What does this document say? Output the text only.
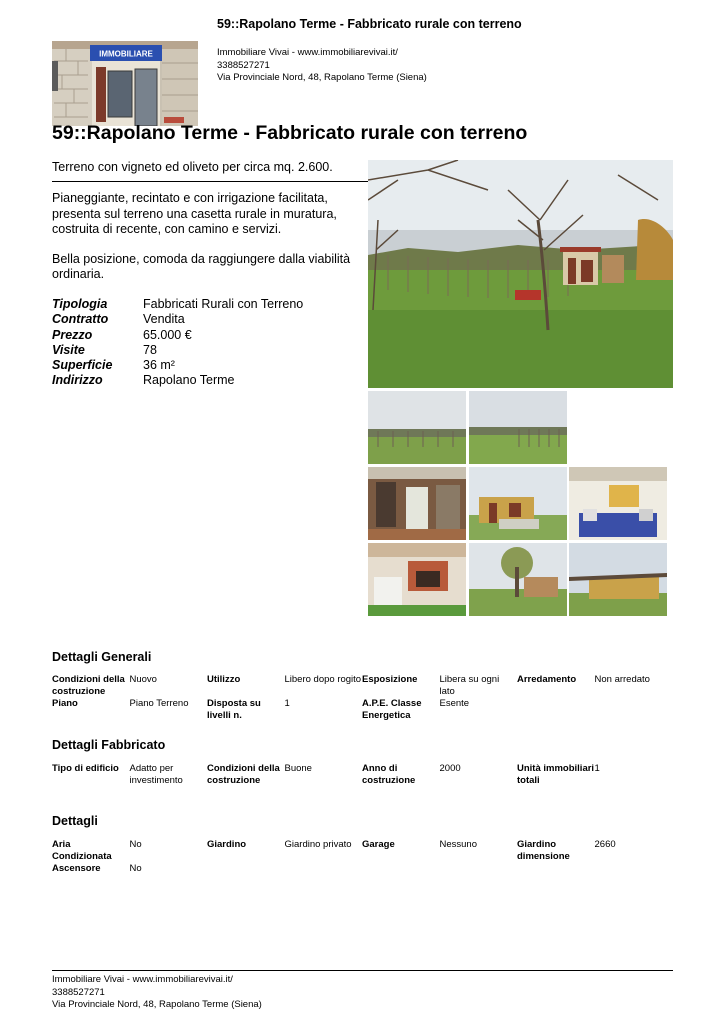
59::Rapolano Terme - Fabbricato rurale con terreno
IMMOBILIARE	Immobiliare Vivai - www.immobiliarevivai.it/
3388527271
Via Provinciale Nord, 48, Rapolano Terme (Siena)
59::Rapolano Terme - Fabbricato rurale con terreno
Terreno con vigneto ed oliveto per circa mq. 2.600.

Pianeggiante, recintato e con irrigazione facilitata, presenta sul terreno una casetta rurale in muratura, costruita di recente, con camino e servizi.

Bella posizione, comoda da raggiungere dalla viabilità ordinaria.

Tipologia	Fabbricati Rurali con Terreno
Contratto	Vendita
Prezzo	65.000 €
Visite	78
Superficie	36 m²
Indirizzo	Rapolano Terme
Dettagli Generali
Condizioni della costruzione	Nuovo	Utilizzo	Libero dopo rogito	Esposizione	Libera su ogni lato	Arredamento	Non arredato
Piano	Piano Terreno	Disposta su livelli n.	1	A.P.E. Classe Energetica	Esente		
Dettagli Fabbricato
Tipo di edificio	Adatto per investimento	Condizioni della costruzione	Buone	Anno di costruzione	2000	Unità immobiliari totali	1
Dettagli
Aria Condizionata	No	Giardino	Giardino privato	Garage	Nessuno	Giardino dimensione	2660
Ascensore	No						
Immobiliare Vivai - www.immobiliarevivai.it/
3388527271
Via Provinciale Nord, 48, Rapolano Terme (Siena)
